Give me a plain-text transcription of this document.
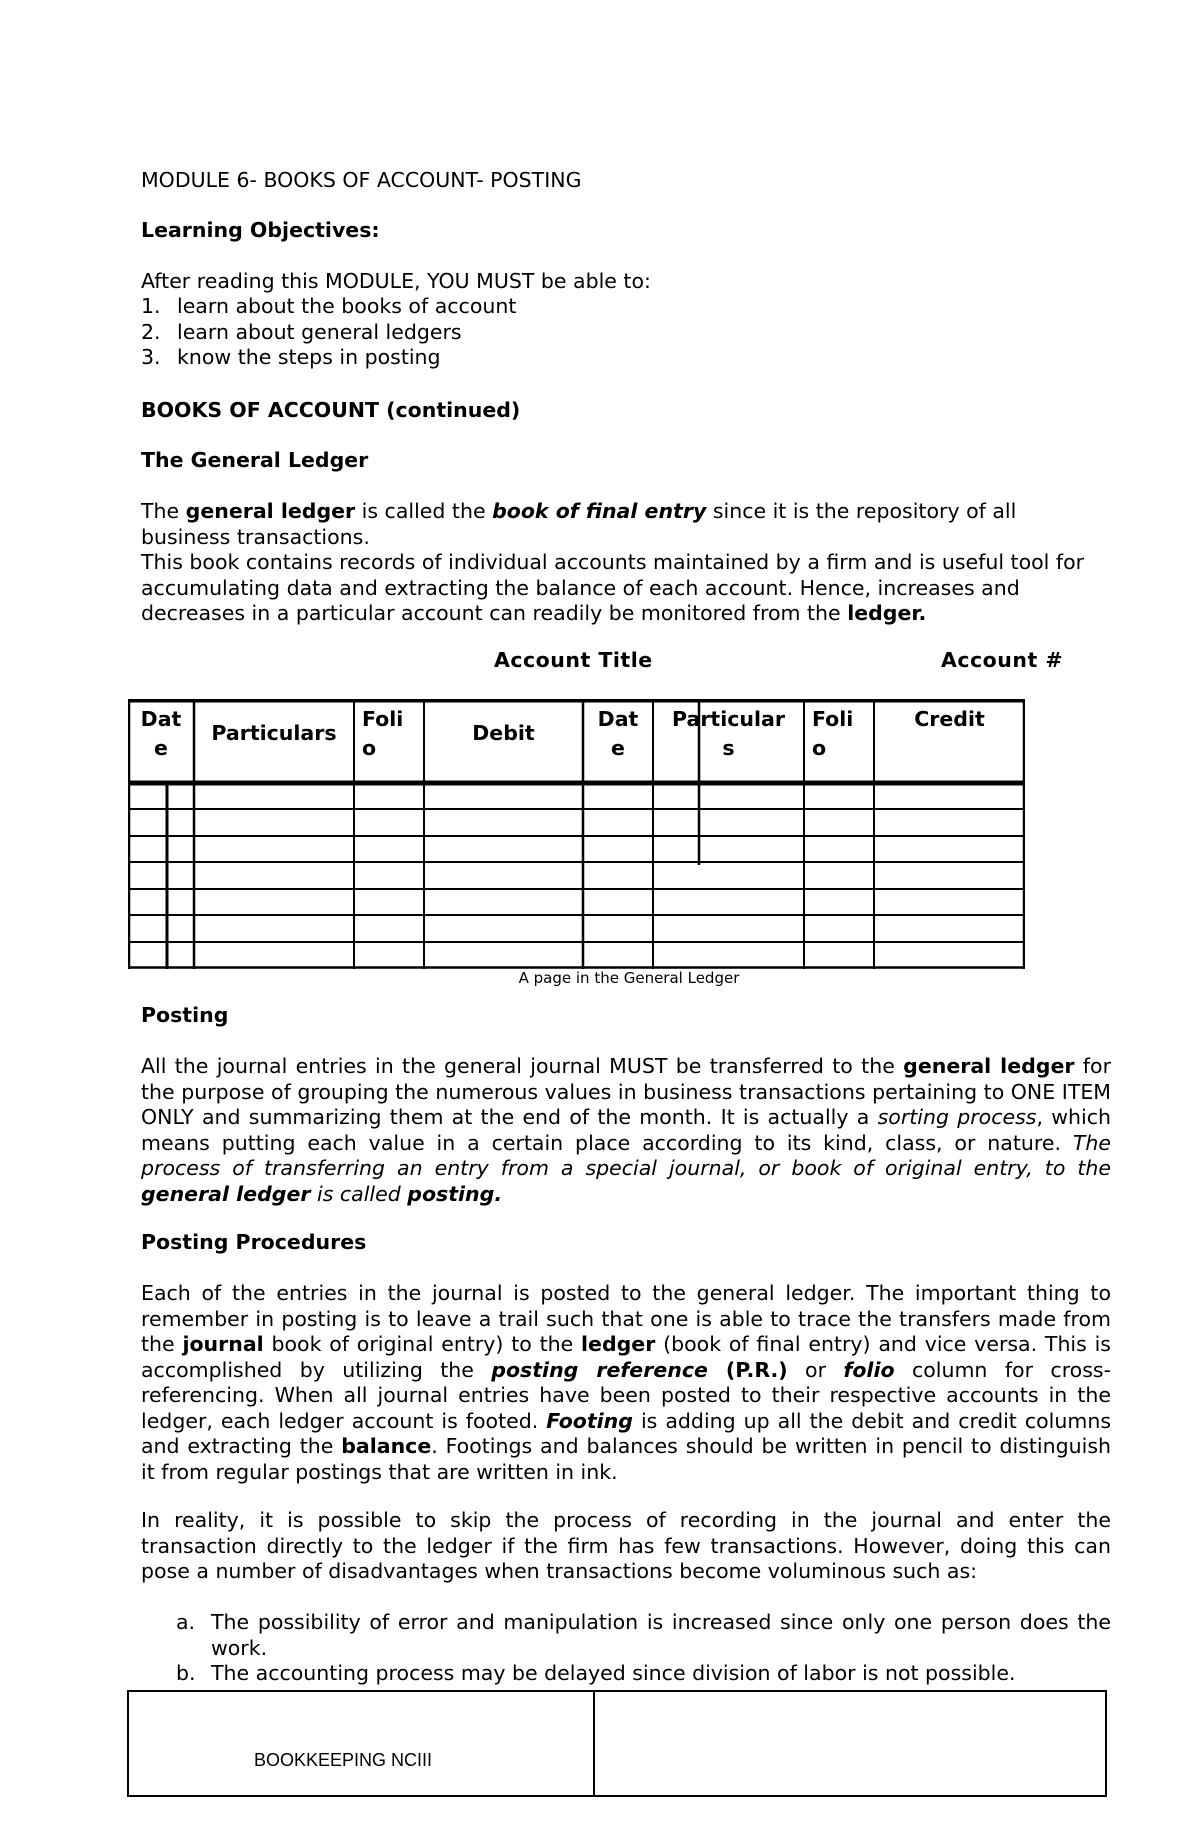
MODULE 6- BOOKS OF ACCOUNT- POSTING

Learning Objectives:

After reading this MODULE, YOU MUST be able to:

1. learn about the books of account
2. learn about general ledgers
3. know the steps in posting

BOOKS OF ACCOUNT (continued)

The General Ledger

The general ledger is called the book of final entry since it is the repository of all business transactions.

This book contains records of individual accounts maintained by a firm and is useful tool for accumulating data and extracting the balance of each account. Hence, increases and decreases in a particular account can readily be monitored from the ledger.

Account Title	Account #
Dat
e
Particulars
Foli
o
Debit
Dat
e
Particular
s
Foli
o
Credit
A page in the General Ledger

Posting

All the journal entries in the general journal MUST be transferred to the general ledger for the purpose of grouping the numerous values in business transactions pertaining to ONE ITEM ONLY and summarizing them at the end of the month. It is actually a sorting process, which means putting each value in a certain place according to its kind, class, or nature. The process of transferring an entry from a special journal, or book of original entry, to the general ledger is called posting.

Posting Procedures

Each of the entries in the journal is posted to the general ledger. The important thing to remember in posting is to leave a trail such that one is able to trace the transfers made from the journal book of original entry) to the ledger (book of final entry) and vice versa. This is accomplished by utilizing the posting reference (P.R.) or folio column for cross-referencing. When all journal entries have been posted to their respective accounts in the ledger, each ledger account is footed. Footing is adding up all the debit and credit columns and extracting the balance. Footings and balances should be written in pencil to distinguish it from regular postings that are written in ink.

In reality, it is possible to skip the process of recording in the journal and enter the transaction directly to the ledger if the firm has few transactions. However, doing this can pose a number of disadvantages when transactions become voluminous such as:

a. The possibility of error and manipulation is increased since only one person does the work.
b. The accounting process may be delayed since division of labor is not possible.
BOOKKEEPING NCIII
